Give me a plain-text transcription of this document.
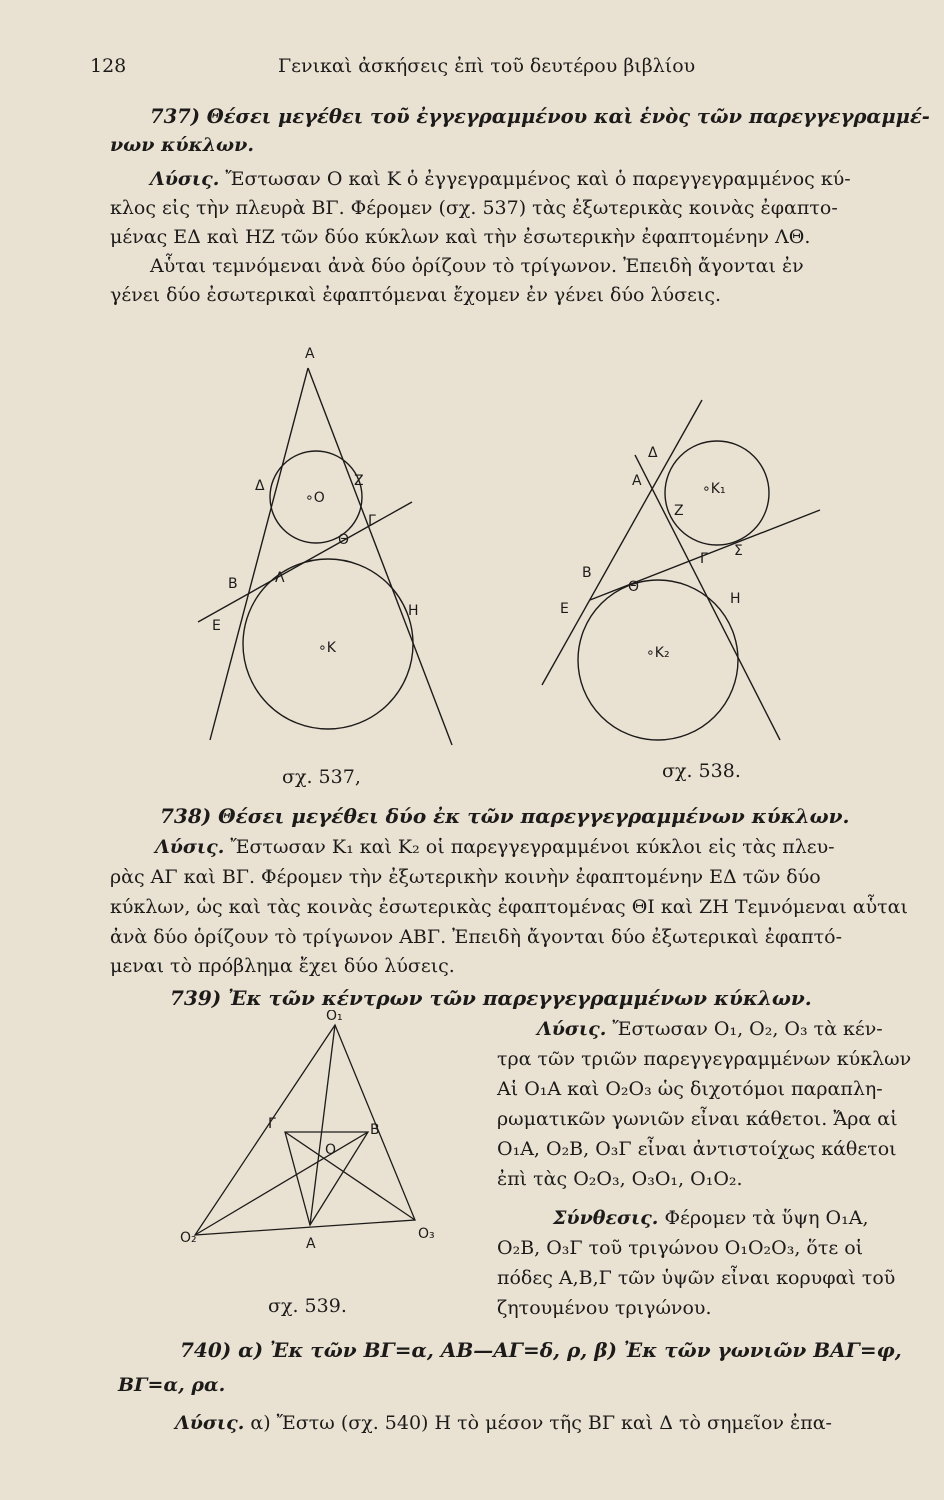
128	Γενικαὶ ἀσκήσεις ἐπὶ τοῦ δευτέρου βιβλίου
737) Θέσει μεγέθει τοῦ ἐγγεγραμμένου καὶ ἑνὸς τῶν παρεγγεγραμμέ-
νων κύκλων.
Λύσις. Ἔστωσαν Ο καὶ Κ ὁ ἐγγεγραμμένος καὶ ὁ παρεγγεγραμμένος κύ-
κλος εἰς τὴν πλευρὰ ΒΓ. Φέρομεν (σχ. 537) τὰς ἐξωτερικὰς κοινὰς ἐφαπτο-
μένας ΕΔ καὶ ΗΖ τῶν δύο κύκλων καὶ τὴν ἐσωτερικὴν ἐφαπτομένην ΛΘ.
Αὗται τεμνόμεναι ἀνὰ δύο ὁρίζουν τὸ τρίγωνον. Ἐπειδὴ ἄγονται ἐν
γένει δύο ἐσωτερικαὶ ἐφαπτόμεναι ἔχομεν ἐν γένει δύο λύσεις.
Α
Δ	Ζ
Γ
∘O
Θ
Β	Λ
Ε
Η
∘Κ
σχ. 537,
Δ
Α	∘K₁
Ζ
Γ Σ
Β
Θ
Ε
Η
∘K₂
σχ. 538.
738) Θέσει μεγέθει δύο ἐκ τῶν παρεγγεγραμμένων κύκλων.
Λύσις. Ἔστωσαν Κ₁ καὶ Κ₂ οἱ παρεγγεγραμμένοι κύκλοι εἰς τὰς πλευ-
ρὰς ΑΓ καὶ ΒΓ. Φέρομεν τὴν ἐξωτερικὴν κοινὴν ἐφαπτομένην ΕΔ τῶν δύο
κύκλων, ὡς καὶ τὰς κοινὰς ἐσωτερικὰς ἐφαπτομένας ΘΙ καὶ ΖΗ Τεμνόμεναι αὗται
ἀνὰ δύο ὁρίζουν τὸ τρίγωνον ΑΒΓ. Ἐπειδὴ ἄγονται δύο ἐξωτερικαὶ ἐφαπτό-
μεναι τὸ πρόβλημα ἔχει δύο λύσεις.
739) Ἐκ τῶν κέντρων τῶν παρεγγεγραμμένων κύκλων.
Λύσις. Ἔστωσαν Ο₁, Ο₂, Ο₃ τὰ κέν-
τρα τῶν τριῶν παρεγγεγραμμένων κύκλων
Αἱ Ο₁Α καὶ Ο₂Ο₃ ὡς διχοτόμοι παραπλη-
ρωματικῶν γωνιῶν εἶναι κάθετοι. Ἄρα αἱ
Ο₁Α, Ο₂Β, Ο₃Γ εἶναι ἀντιστοίχως κάθετοι
ἐπὶ τὰς Ο₂Ο₃, Ο₃Ο₁, Ο₁Ο₂.
Σύνθεσις. Φέρομεν τὰ ὕψη Ο₁Α,
Ο₂Β, Ο₃Γ τοῦ τριγώνου Ο₁Ο₂Ο₃, ὅτε οἱ
πόδες Α,Β,Γ τῶν ὑψῶν εἶναι κορυφαὶ τοῦ
ζητουμένου τριγώνου.
O₁
Γ	Β
O
O₂	Α
O₃
σχ. 539.
740) α) Ἐκ τῶν ΒΓ=α, ΑΒ—ΑΓ=δ, ρ, β) Ἐκ τῶν γωνιῶν ΒΑΓ=φ,
ΒΓ=α, ρα.
Λύσις. α) Ἔστω (σχ. 540) Η τὸ μέσον τῆς ΒΓ καὶ Δ τὸ σημεῖον ἐπα-
